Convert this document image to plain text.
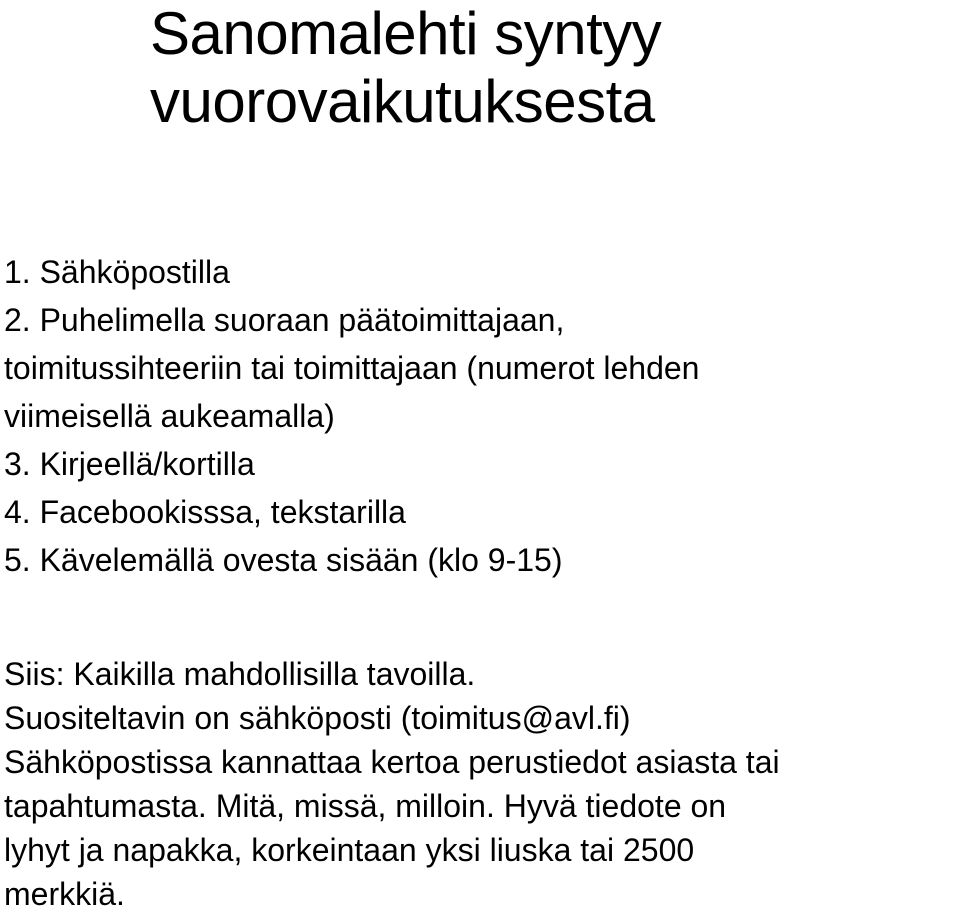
Sanomalehti syntyy
vuorovaikutuksesta
1. Sähköpostilla
2. Puhelimella suoraan päätoimittajaan,
toimitussihteeriin tai toimittajaan (numerot lehden
viimeisellä aukeamalla)
3. Kirjeellä/kortilla
4. Facebookisssa, tekstarilla
5. Kävelemällä ovesta sisään (klo 9-15)

Siis: Kaikilla mahdollisilla tavoilla.
Suositeltavin on sähköposti (toimitus@avl.fi)
Sähköpostissa kannattaa kertoa perustiedot asiasta tai
tapahtumasta. Mitä, missä, milloin. Hyvä tiedote on
lyhyt ja napakka, korkeintaan yksi liuska tai 2500
merkkiä.
